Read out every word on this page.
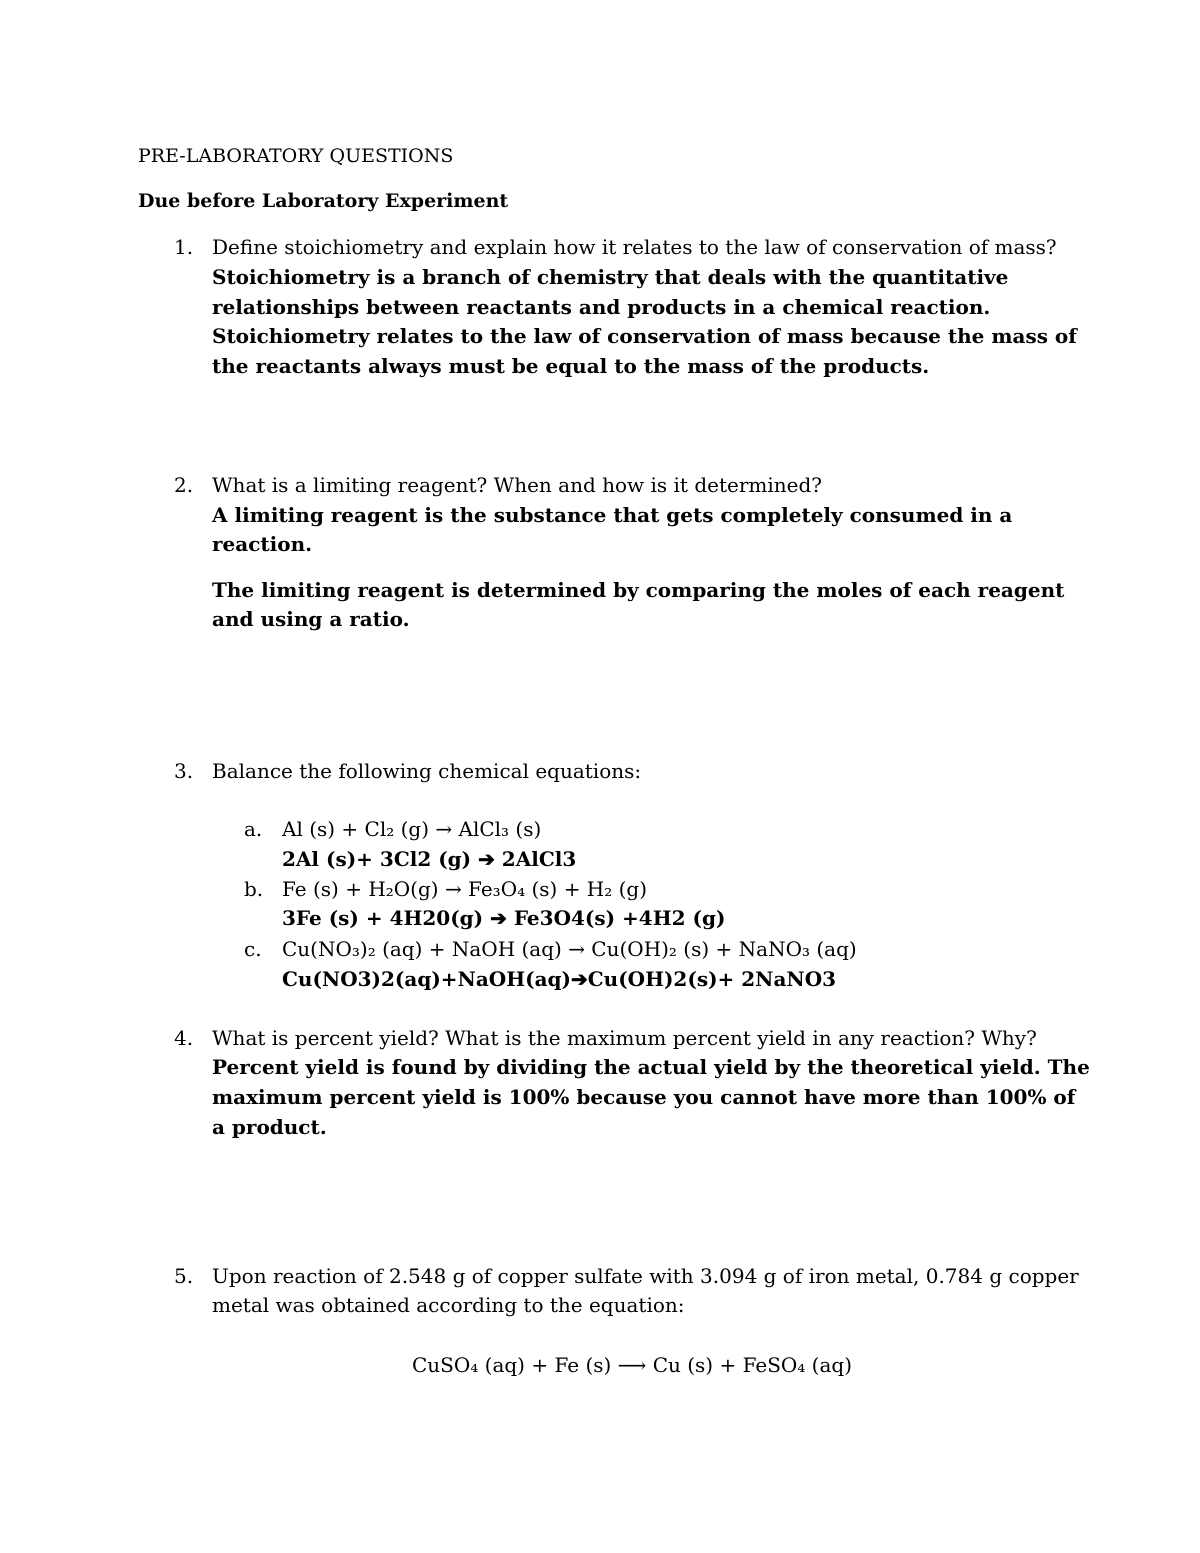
PRE-LABORATORY QUESTIONS
Due before Laboratory Experiment
1. Define stoichiometry and explain how it relates to the law of conservation of mass?
Stoichiometry is a branch of chemistry that deals with the quantitative
relationships between reactants and products in a chemical reaction.
Stoichiometry relates to the law of conservation of mass because the mass of
the reactants always must be equal to the mass of the products.
2. What is a limiting reagent? When and how is it determined?
A limiting reagent is the substance that gets completely consumed in a
reaction.
The limiting reagent is determined by comparing the moles of each reagent
and using a ratio.
3. Balance the following chemical equations:
a. Al (s) + Cl₂ (g) → AlCl₃ (s)
2Al (s)+ 3Cl2 (g) ➔ 2AlCl3
b. Fe (s) + H₂O(g) → Fe₃O₄ (s) + H₂ (g)
3Fe (s) + 4H20(g) ➔ Fe3O4(s) +4H2 (g)
c. Cu(NO₃)₂ (aq) + NaOH (aq) → Cu(OH)₂ (s) + NaNO₃ (aq)
Cu(NO3)2(aq)+NaOH(aq)➔Cu(OH)2(s)+ 2NaNO3
4. What is percent yield? What is the maximum percent yield in any reaction? Why?
Percent yield is found by dividing the actual yield by the theoretical yield. The
maximum percent yield is 100% because you cannot have more than 100% of
a product.
5. Upon reaction of 2.548 g of copper sulfate with 3.094 g of iron metal, 0.784 g copper
metal was obtained according to the equation:
CuSO₄ (aq) + Fe (s) ⟶ Cu (s) + FeSO₄ (aq)
